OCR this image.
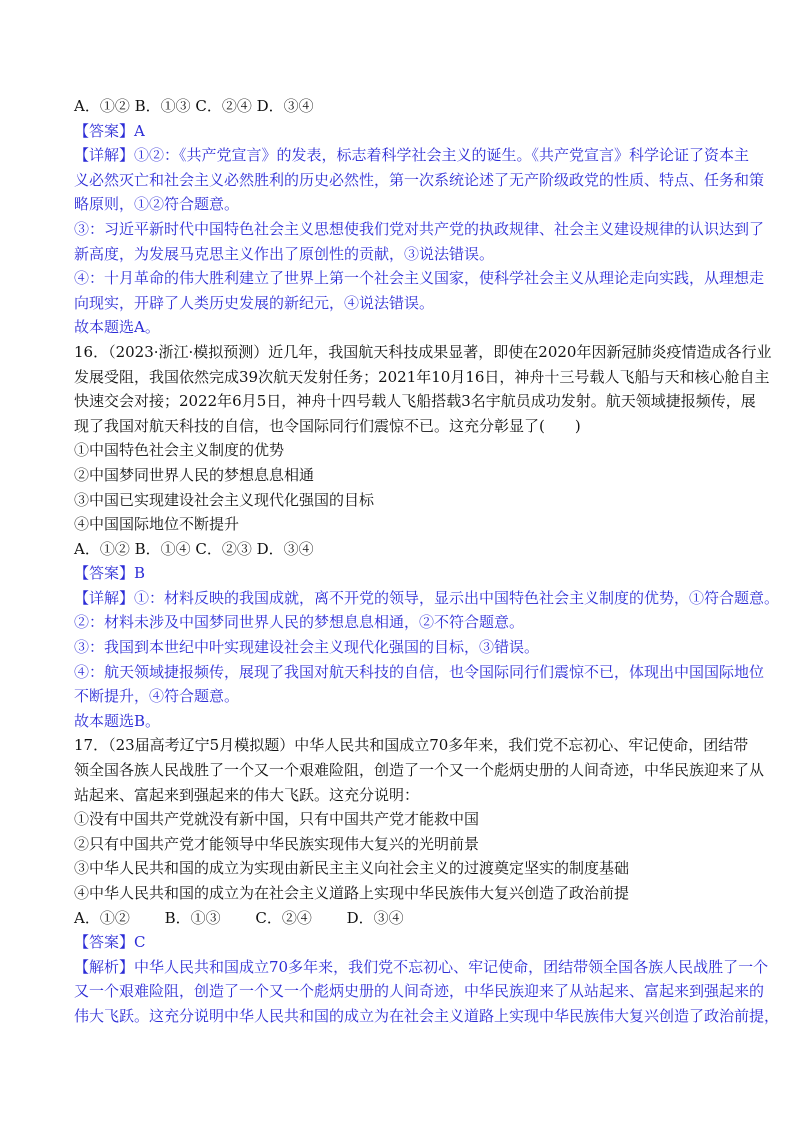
A．①② B．①③ C．②④ D．③④
【答案】A
【详解】①②：《共产党宣言》的发表，标志着科学社会主义的诞生。《共产党宣言》科学论证了资本主
义必然灭亡和社会主义必然胜利的历史必然性，第一次系统论述了无产阶级政党的性质、特点、任务和策
略原则，①②符合题意。
③：习近平新时代中国特色社会主义思想使我们党对共产党的执政规律、社会主义建设规律的认识达到了
新高度，为发展马克思主义作出了原创性的贡献，③说法错误。
④：十月革命的伟大胜利建立了世界上第一个社会主义国家，使科学社会主义从理论走向实践，从理想走
向现实，开辟了人类历史发展的新纪元，④说法错误。
故本题选A。
16．（2023·浙江·模拟预测）近几年，我国航天科技成果显著，即使在2020年因新冠肺炎疫情造成各行业
发展受阻，我国依然完成39次航天发射任务；2021年10月16日，神舟十三号载人飞船与天和核心舱自主
快速交会对接；2022年6月5日，神舟十四号载人飞船搭载3名宇航员成功发射。航天领域捷报频传，展
现了我国对航天科技的自信，也令国际同行们震惊不已。这充分彰显了(　　)
①中国特色社会主义制度的优势
②中国梦同世界人民的梦想息息相通
③中国已实现建设社会主义现代化强国的目标
④中国国际地位不断提升
A．①② B．①④ C．②③ D．③④
【答案】B
【详解】①：材料反映的我国成就，离不开党的领导，显示出中国特色社会主义制度的优势，①符合题意。
②：材料未涉及中国梦同世界人民的梦想息息相通，②不符合题意。
③：我国到本世纪中叶实现建设社会主义现代化强国的目标，③错误。
④：航天领域捷报频传，展现了我国对航天科技的自信，也令国际同行们震惊不已，体现出中国国际地位
不断提升，④符合题意。
故本题选B。
17．（23届高考辽宁5月模拟题）中华人民共和国成立70多年来，我们党不忘初心、牢记使命，团结带
领全国各族人民战胜了一个又一个艰难险阻，创造了一个又一个彪炳史册的人间奇迹，中华民族迎来了从
站起来、富起来到强起来的伟大飞跃。这充分说明：
①没有中国共产党就没有新中国，只有中国共产党才能救中国
②只有中国共产党才能领导中华民族实现伟大复兴的光明前景
③中华人民共和国的成立为实现由新民主主义向社会主义的过渡奠定坚实的制度基础
④中华人民共和国的成立为在社会主义道路上实现中华民族伟大复兴创造了政治前提
A．①②　　 B．①③　　 C．②④　　 D．③④
【答案】C
【解析】中华人民共和国成立70多年来，我们党不忘初心、牢记使命，团结带领全国各族人民战胜了一个
又一个艰难险阻，创造了一个又一个彪炳史册的人间奇迹，中华民族迎来了从站起来、富起来到强起来的
伟大飞跃。这充分说明中华人民共和国的成立为在社会主义道路上实现中华民族伟大复兴创造了政治前提，
